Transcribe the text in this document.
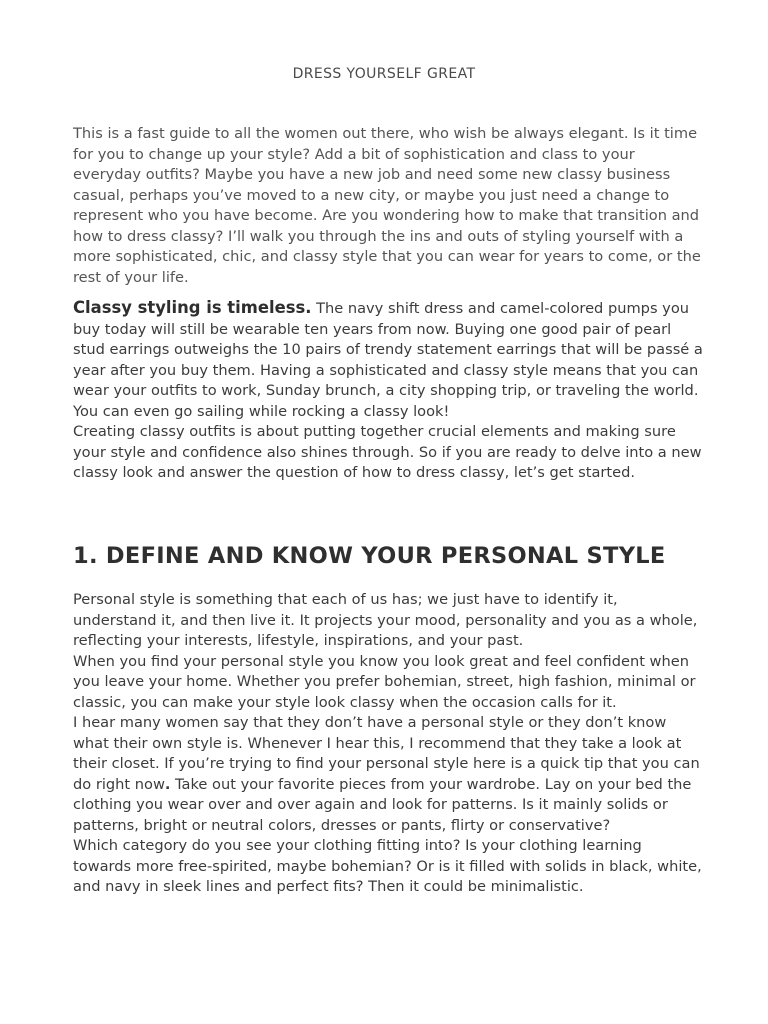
DRESS YOURSELF GREAT

This is a fast guide to all the women out there, who wish be always elegant. Is it time for you to change up your style? Add a bit of sophistication and class to your everyday outfits? Maybe you have a new job and need some new classy business casual, perhaps you’ve moved to a new city, or maybe you just need a change to represent who you have become. Are you wondering how to make that transition and how to dress classy? I’ll walk you through the ins and outs of styling yourself with a more sophisticated, chic, and classy style that you can wear for years to come, or the rest of your life.

Classy styling is timeless. The navy shift dress and camel-colored pumps you buy today will still be wearable ten years from now. Buying one good pair of pearl stud earrings outweighs the 10 pairs of trendy statement earrings that will be passé a year after you buy them. Having a sophisticated and classy style means that you can wear your outfits to work, Sunday brunch, a city shopping trip, or traveling the world. You can even go sailing while rocking a classy look!

Creating classy outfits is about putting together crucial elements and making sure your style and confidence also shines through. So if you are ready to delve into a new classy look and answer the question of how to dress classy, let’s get started.

1. DEFINE AND KNOW YOUR PERSONAL STYLE

Personal style is something that each of us has; we just have to identify it, understand it, and then live it. It projects your mood, personality and you as a whole, reflecting your interests, lifestyle, inspirations, and your past.

When you find your personal style you know you look great and feel confident when you leave your home. Whether you prefer bohemian, street, high fashion, minimal or classic, you can make your style look classy when the occasion calls for it.

I hear many women say that they don’t have a personal style or they don’t know what their own style is. Whenever I hear this, I recommend that they take a look at their closet. If you’re trying to find your personal style here is a quick tip that you can do right now. Take out your favorite pieces from your wardrobe. Lay on your bed the clothing you wear over and over again and look for patterns. Is it mainly solids or patterns, bright or neutral colors, dresses or pants, flirty or conservative?

Which category do you see your clothing fitting into? Is your clothing learning towards more free-spirited, maybe bohemian? Or is it filled with solids in black, white, and navy in sleek lines and perfect fits? Then it could be minimalistic.
